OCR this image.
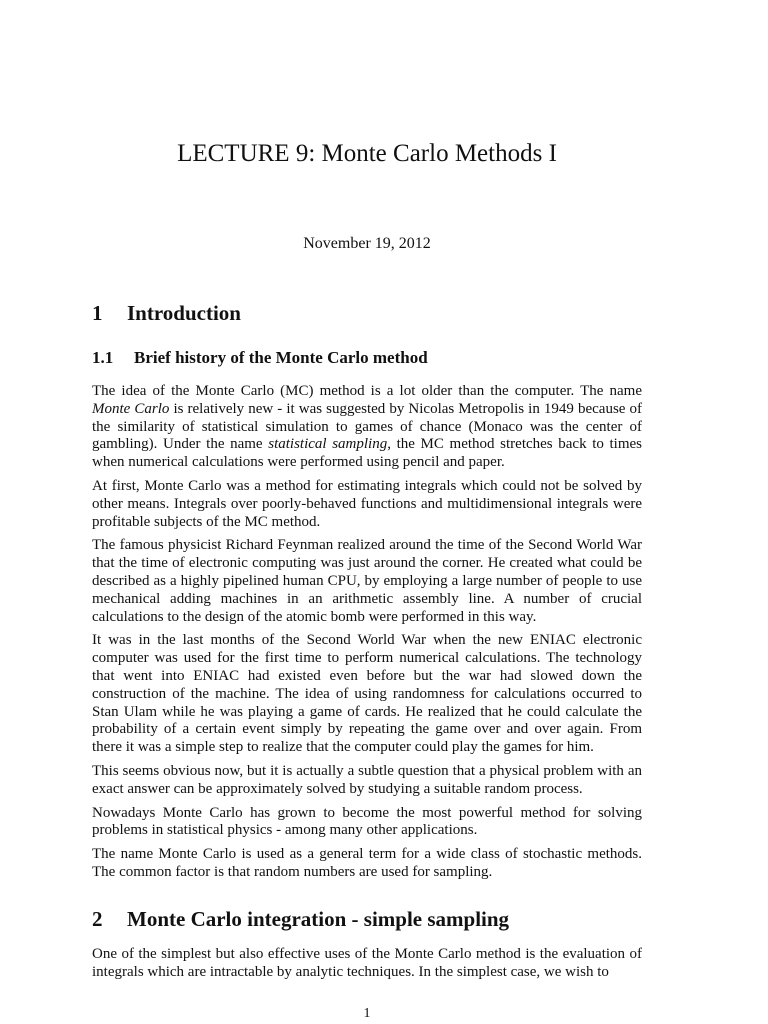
LECTURE 9: Monte Carlo Methods I
November 19, 2012
1 Introduction
1.1 Brief history of the Monte Carlo method

The idea of the Monte Carlo (MC) method is a lot older than the computer. The name Monte Carlo is relatively new - it was suggested by Nicolas Metropolis in 1949 because of the similarity of statistical simulation to games of chance (Monaco was the center of gambling). Under the name statistical sampling, the MC method stretches back to times when numerical calculations were performed using pencil and paper.

At first, Monte Carlo was a method for estimating integrals which could not be solved by other means. Integrals over poorly-behaved functions and multidimensional integrals were profitable subjects of the MC method.

The famous physicist Richard Feynman realized around the time of the Second World War that the time of electronic computing was just around the corner. He created what could be described as a highly pipelined human CPU, by employing a large number of people to use mechanical adding machines in an arithmetic assembly line. A number of crucial calculations to the design of the atomic bomb were performed in this way.

It was in the last months of the Second World War when the new ENIAC electronic computer was used for the first time to perform numerical calculations. The technology that went into ENIAC had existed even before but the war had slowed down the construction of the machine. The idea of using randomness for calculations occurred to Stan Ulam while he was playing a game of cards. He realized that he could calculate the probability of a certain event simply by repeating the game over and over again. From there it was a simple step to realize that the computer could play the games for him.

This seems obvious now, but it is actually a subtle question that a physical problem with an exact answer can be approximately solved by studying a suitable random process.

Nowadays Monte Carlo has grown to become the most powerful method for solving problems in statistical physics - among many other applications.

The name Monte Carlo is used as a general term for a wide class of stochastic methods. The common factor is that random numbers are used for sampling.

2 Monte Carlo integration - simple sampling

One of the simplest but also effective uses of the Monte Carlo method is the evaluation of integrals which are intractable by analytic techniques. In the simplest case, we wish to

1
